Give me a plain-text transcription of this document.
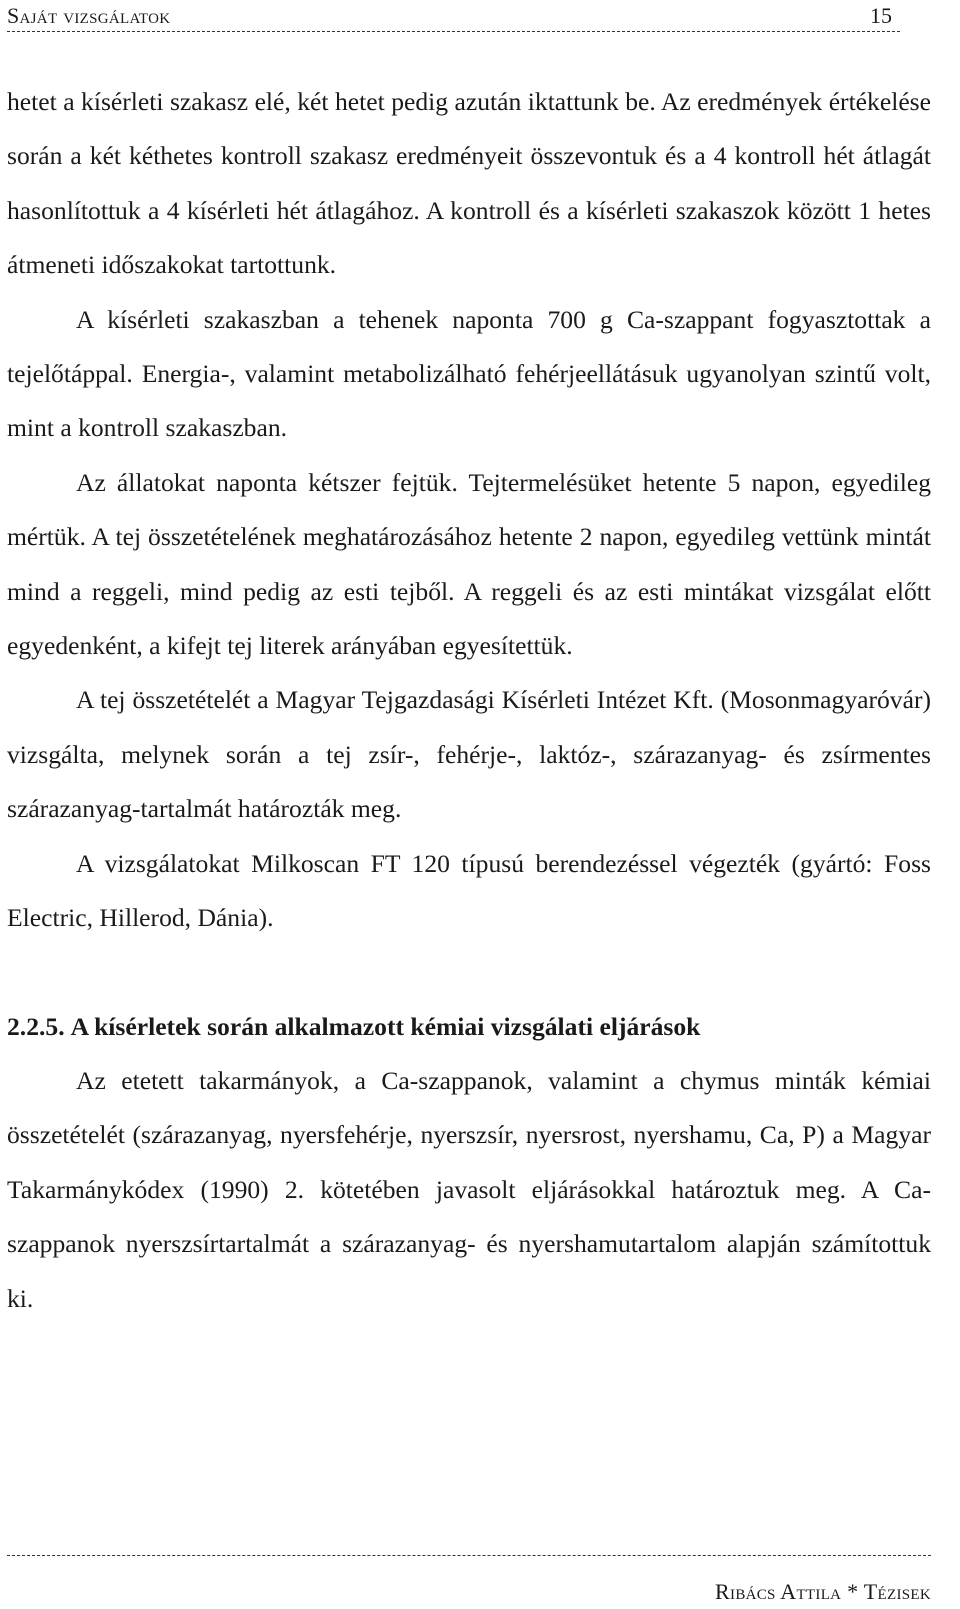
Saját vizsgálatok	15

hetet a kísérleti szakasz elé, két hetet pedig azután iktattunk be. Az eredmények értékelése során a két kéthetes kontroll szakasz eredményeit összevontuk és a 4 kontroll hét átlagát hasonlítottuk a 4 kísérleti hét átlagához. A kontroll és a kísérleti szakaszok között 1 hetes átmeneti időszakokat tartottunk.

A kísérleti szakaszban a tehenek naponta 700 g Ca-szappant fogyasztottak a tejelőtáppal. Energia-, valamint metabolizálható fehérjeellátásuk ugyanolyan szintű volt, mint a kontroll szakaszban.

Az állatokat naponta kétszer fejtük. Tejtermelésüket hetente 5 napon, egyedileg mértük. A tej összetételének meghatározásához hetente 2 napon, egyedileg vettünk mintát mind a reggeli, mind pedig az esti tejből. A reggeli és az esti mintákat vizsgálat előtt egyedenként, a kifejt tej literek arányában egyesítettük.

A tej összetételét a Magyar Tejgazdasági Kísérleti Intézet Kft. (Mosonmagyaróvár) vizsgálta, melynek során a tej zsír-, fehérje-, laktóz-, szárazanyag- és zsírmentes szárazanyag-tartalmát határozták meg.

A vizsgálatokat Milkoscan FT 120 típusú berendezéssel végezték (gyártó: Foss Electric, Hillerod, Dánia).

2.2.5. A kísérletek során alkalmazott kémiai vizsgálati eljárások

Az etetett takarmányok, a Ca-szappanok, valamint a chymus minták kémiai összetételét (szárazanyag, nyersfehérje, nyerszsír, nyersrost, nyershamu, Ca, P) a Magyar Takarmánykódex (1990) 2. kötetében javasolt eljárásokkal határoztuk meg. A Ca-szappanok nyerszsírtartalmát a szárazanyag- és nyershamutartalom alapján számítottuk ki.

Ribács Attila * Tézisek
